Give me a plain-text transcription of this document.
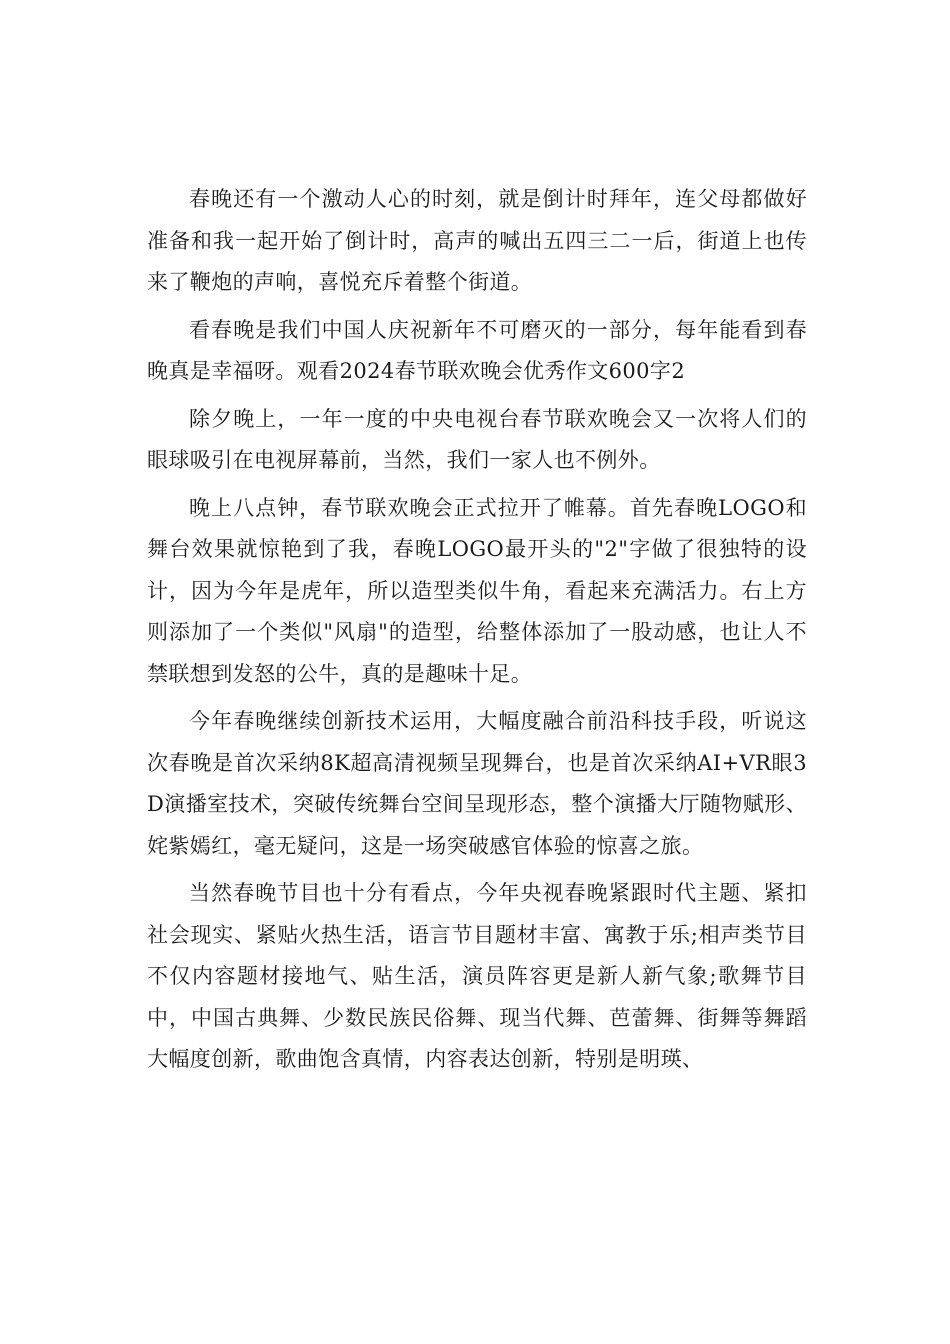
春晚还有一个激动人心的时刻，就是倒计时拜年，连父母都做好准备和我一起开始了倒计时，高声的喊出五四三二一后，街道上也传来了鞭炮的声响，喜悦充斥着整个街道。

看春晚是我们中国人庆祝新年不可磨灭的一部分，每年能看到春晚真是幸福呀。观看2024春节联欢晚会优秀作文600字2

除夕晚上，一年一度的中央电视台春节联欢晚会又一次将人们的眼球吸引在电视屏幕前，当然，我们一家人也不例外。

晚上八点钟，春节联欢晚会正式拉开了帷幕。首先春晚LOGO和舞台效果就惊艳到了我，春晚LOGO最开头的"2"字做了很独特的设计，因为今年是虎年，所以造型类似牛角，看起来充满活力。右上方则添加了一个类似"风扇"的造型，给整体添加了一股动感，也让人不禁联想到发怒的公牛，真的是趣味十足。

今年春晚继续创新技术运用，大幅度融合前沿科技手段，听说这次春晚是首次采纳8K超高清视频呈现舞台，也是首次采纳AI+VR眼3D演播室技术，突破传统舞台空间呈现形态，整个演播大厅随物赋形、姹紫嫣红，毫无疑问，这是一场突破感官体验的惊喜之旅。

当然春晚节目也十分有看点，今年央视春晚紧跟时代主题、紧扣社会现实、紧贴火热生活，语言节目题材丰富、寓教于乐;相声类节目不仅内容题材接地气、贴生活，演员阵容更是新人新气象;歌舞节目中，中国古典舞、少数民族民俗舞、现当代舞、芭蕾舞、街舞等舞蹈大幅度创新，歌曲饱含真情，内容表达创新，特别是明瑛、
